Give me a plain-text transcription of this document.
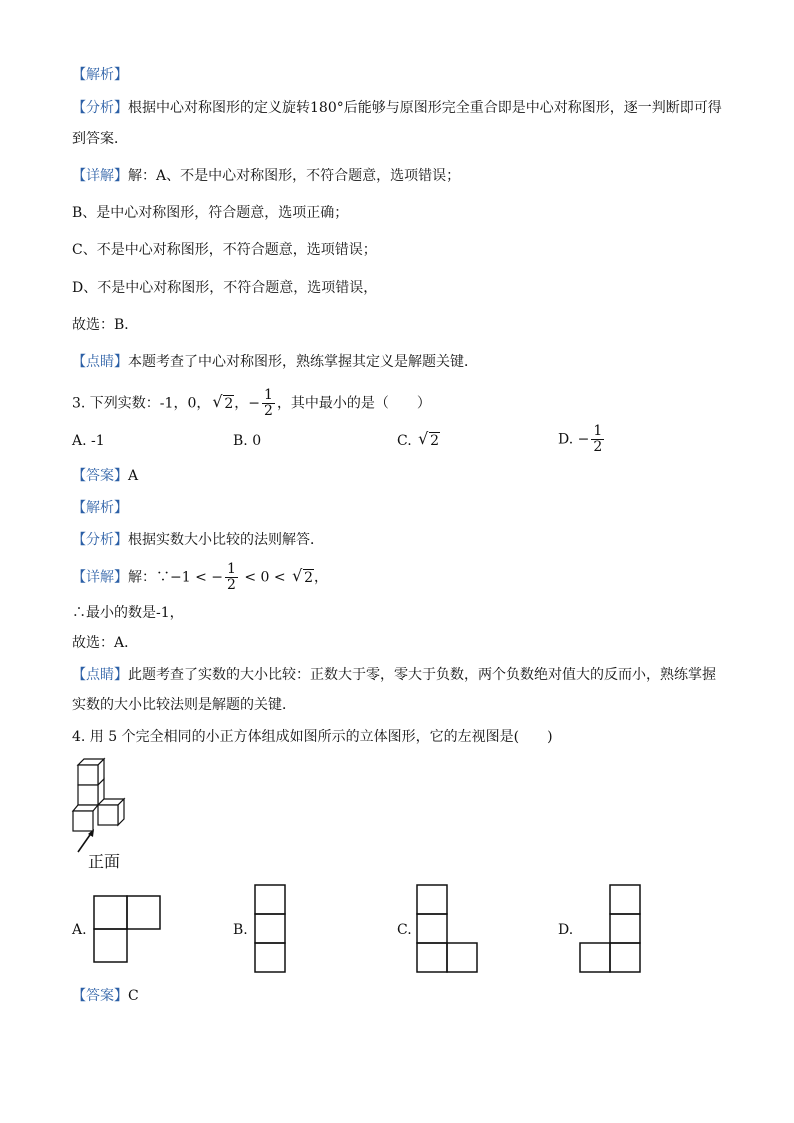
【解析】
【分析】根据中心对称图形的定义旋转180°后能够与原图形完全重合即是中心对称图形，逐一判断即可得
到答案．
【详解】解：A、不是中心对称图形，不符合题意，选项错误；
B、是中心对称图形，符合题意，选项正确；
C、不是中心对称图形，不符合题意，选项错误；
D、不是中心对称图形，不符合题意，选项错误，
故选：B．
【点睛】本题考查了中心对称图形，熟练掌握其定义是解题关键．
3. 下列实数：-1，0， √ 2，− $\frac{1}{2}$ ，其中最小的是（　　）
A. -1	B. 0	C. √ 2	D. − $\frac{1}{2}$
【答案】A
【解析】
【分析】根据实数大小比较的法则解答．
【详解】解：∵−1 < − $\frac{1}{2} < 0$ < √ 2，
∴最小的数是-1，
故选：A．
【点睛】此题考查了实数的大小比较：正数大于零，零大于负数，两个负数绝对值大的反而小，熟练掌握
实数的大小比较法则是解题的关键．
4. 用 5 个完全相同的小正方体组成如图所示的立体图形，它的左视图是(　　)
正面
A.	B.	C.	D.
【答案】C
